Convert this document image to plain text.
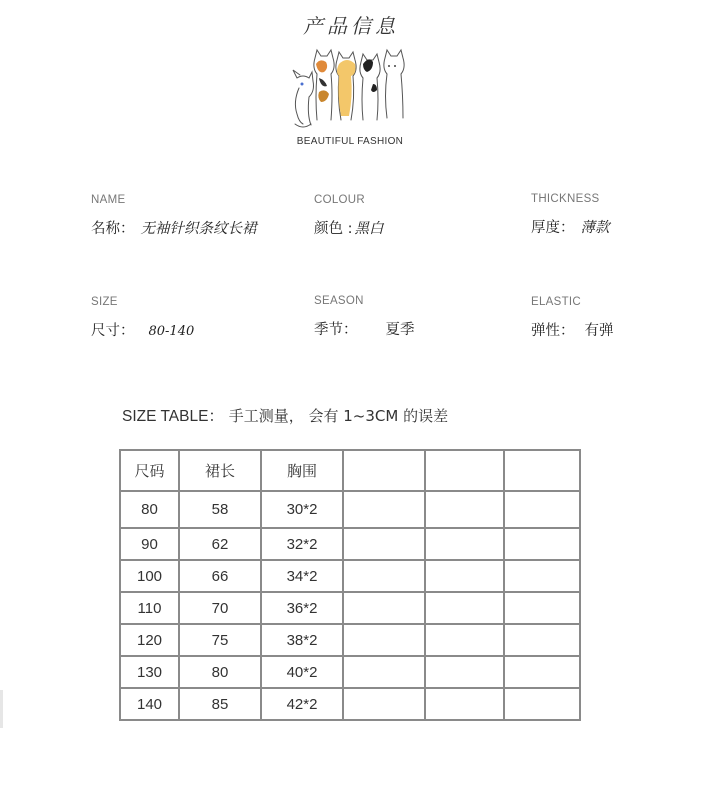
产品信息
BEAUTIFUL FASHION
NAME
名称： 无袖针织条纹长裙
COLOUR
颜色 : 黑白
THICKNESS
厚度： 薄款
SIZE
尺寸： 80-140
SEASON
季节： 夏季
ELASTIC
弹性： 有弹
SIZE TABLE： 手工测量， 会有 1~3CM 的误差
尺码	裙长	胸围			
80	58	30*2			
90	62	32*2			
100	66	34*2			
110	70	36*2			
120	75	38*2			
130	80	40*2			
140	85	42*2			
